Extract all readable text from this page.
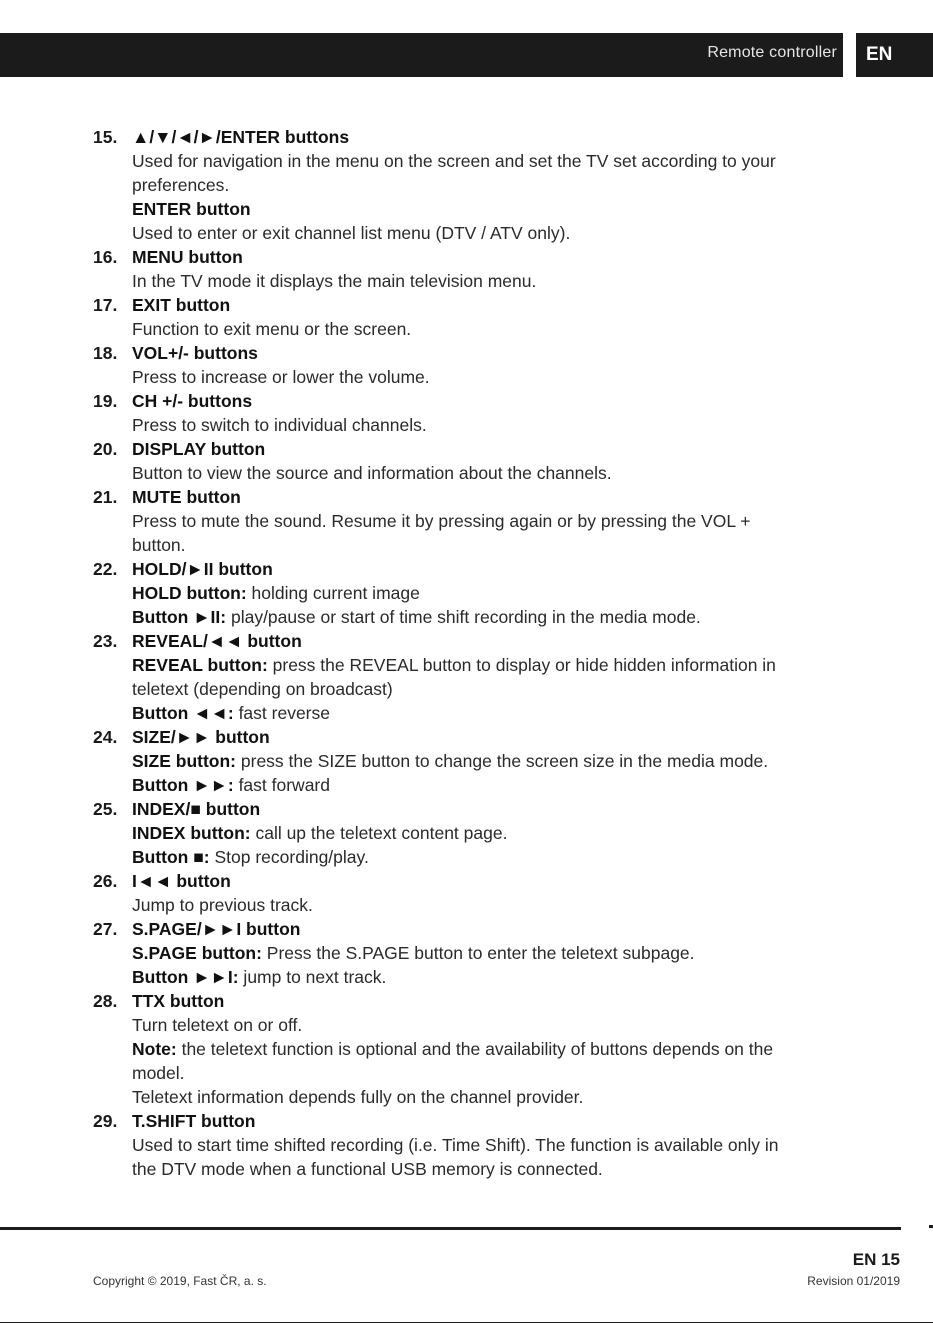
Remote controller	EN
15. ▲/▼/◄/►/ENTER buttons
Used for navigation in the menu on the screen and set the TV set according to your
preferences.
ENTER button
Used to enter or exit channel list menu (DTV / ATV only).
16. MENU button
In the TV mode it displays the main television menu.
17. EXIT button
Function to exit menu or the screen.
18. VOL+/- buttons
Press to increase or lower the volume.
19. CH +/- buttons
Press to switch to individual channels.
20. DISPLAY button
Button to view the source and information about the channels.
21. MUTE button
Press to mute the sound. Resume it by pressing again or by pressing the VOL +
button.
22. HOLD/►II button
HOLD button: holding current image
Button ►II: play/pause or start of time shift recording in the media mode.
23. REVEAL/◄◄ button
REVEAL button: press the REVEAL button to display or hide hidden information in
teletext (depending on broadcast)
Button ◄◄: fast reverse
24. SIZE/►► button
SIZE button: press the SIZE button to change the screen size in the media mode.
Button ►►: fast forward
25. INDEX/■ button
INDEX button: call up the teletext content page.
Button ■: Stop recording/play.
26. I◄◄ button
Jump to previous track.
27. S.PAGE/►►I button
S.PAGE button: Press the S.PAGE button to enter the teletext subpage.
Button ►►I: jump to next track.
28. TTX button
Turn teletext on or off.
Note: the teletext function is optional and the availability of buttons depends on the
model.
Teletext information depends fully on the channel provider.
29. T.SHIFT button
Used to start time shifted recording (i.e. Time Shift). The function is available only in
the DTV mode when a functional USB memory is connected.
EN 15
Copyright © 2019, Fast ČR, a. s.	Revision 01/2019
